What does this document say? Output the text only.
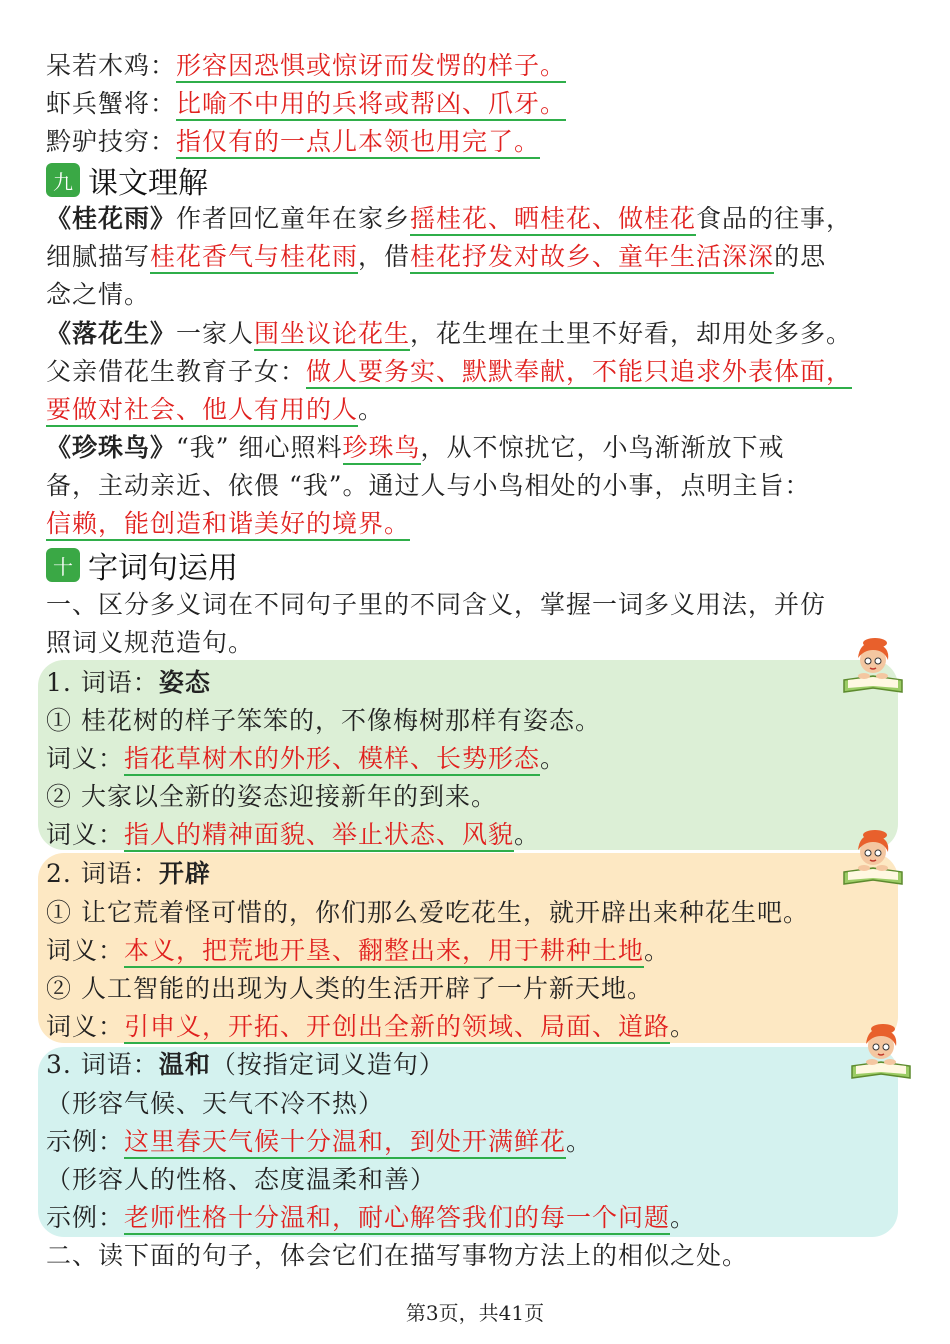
呆若木鸡：形容因恐惧或惊讶而发愣的样子。
虾兵蟹将：比喻不中用的兵将或帮凶、爪牙。
黔驴技穷：指仅有的一点儿本领也用完了。
九 课文理解
《桂花雨》作者回忆童年在家乡摇桂花、晒桂花、做桂花食品的往事，
细腻描写桂花香气与桂花雨，借桂花抒发对故乡、童年生活深深的思
念之情。
《落花生》一家人围坐议论花生，花生埋在土里不好看，却用处多多。
父亲借花生教育子女：做人要务实、默默奉献，不能只追求外表体面，
要做对社会、他人有用的人。
《珍珠鸟》“我” 细心照料珍珠鸟，从不惊扰它，小鸟渐渐放下戒
备，主动亲近、依偎 “我”。通过人与小鸟相处的小事，点明主旨：
信赖，能创造和谐美好的境界。
十 字词句运用
一、区分多义词在不同句子里的不同含义，掌握一词多义用法，并仿
照词义规范造句。
1. 词语：姿态
① 桂花树的样子笨笨的，不像梅树那样有姿态。
词义：指花草树木的外形、模样、长势形态。
② 大家以全新的姿态迎接新年的到来。
词义：指人的精神面貌、举止状态、风貌。
2. 词语：开辟
① 让它荒着怪可惜的，你们那么爱吃花生，就开辟出来种花生吧。
词义：本义，把荒地开垦、翻整出来，用于耕种土地。
② 人工智能的出现为人类的生活开辟了一片新天地。
词义：引申义，开拓、开创出全新的领域、局面、道路。
3. 词语：温和（按指定词义造句）
（形容气候、天气不冷不热）
示例：这里春天气候十分温和，到处开满鲜花。
（形容人的性格、态度温柔和善）
示例：老师性格十分温和，耐心解答我们的每一个问题。
二、读下面的句子，体会它们在描写事物方法上的相似之处。
第3页，共41页
